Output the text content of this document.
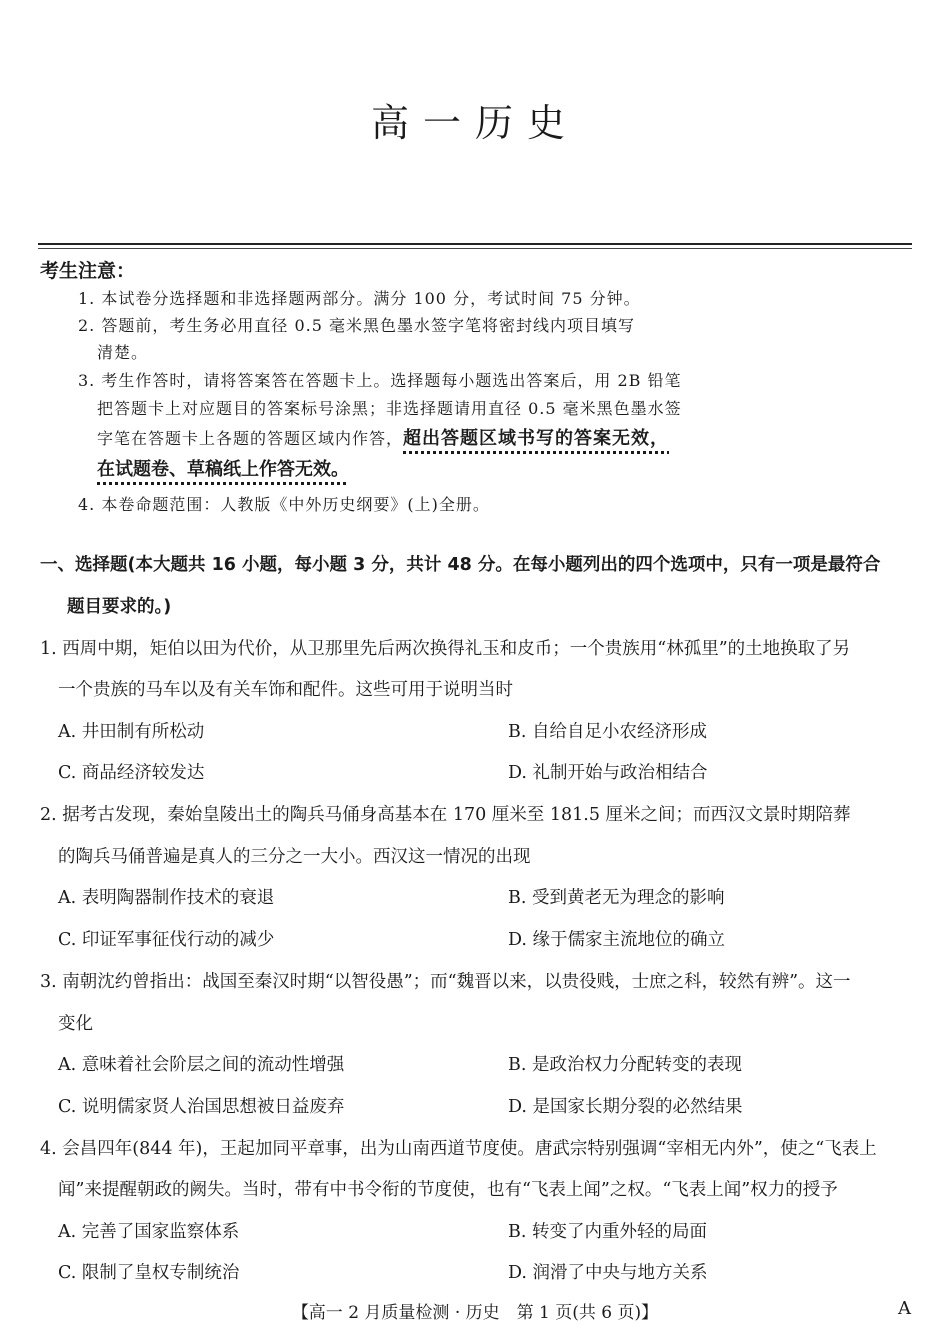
高一历史
考生注意：
1. 本试卷分选择题和非选择题两部分。满分 100 分，考试时间 75 分钟。
2. 答题前，考生务必用直径 0.5 毫米黑色墨水签字笔将密封线内项目填写
清楚。
3. 考生作答时，请将答案答在答题卡上。选择题每小题选出答案后，用 2B 铅笔
把答题卡上对应题目的答案标号涂黑；非选择题请用直径 0.5 毫米黑色墨水签
字笔在答题卡上各题的答题区域内作答，超出答题区域书写的答案无效，
在试题卷、草稿纸上作答无效。
4. 本卷命题范围：人教版《中外历史纲要》(上)全册。
一、选择题(本大题共 16 小题，每小题 3 分，共计 48 分。在每小题列出的四个选项中，只有一项是最符合
题目要求的。)
1. 西周中期，矩伯以田为代价，从卫那里先后两次换得礼玉和皮币；一个贵族用“林孤里”的土地换取了另
一个贵族的马车以及有关车饰和配件。这些可用于说明当时
A. 井田制有所松动	B. 自给自足小农经济形成
C. 商品经济较发达	D. 礼制开始与政治相结合
2. 据考古发现，秦始皇陵出土的陶兵马俑身高基本在 170 厘米至 181.5 厘米之间；而西汉文景时期陪葬
的陶兵马俑普遍是真人的三分之一大小。西汉这一情况的出现
A. 表明陶器制作技术的衰退	B. 受到黄老无为理念的影响
C. 印证军事征伐行动的减少	D. 缘于儒家主流地位的确立
3. 南朝沈约曾指出：战国至秦汉时期“以智役愚”；而“魏晋以来，以贵役贱，士庶之科，较然有辨”。这一
变化
A. 意味着社会阶层之间的流动性增强	B. 是政治权力分配转变的表现
C. 说明儒家贤人治国思想被日益废弃	D. 是国家长期分裂的必然结果
4. 会昌四年(844 年)，王起加同平章事，出为山南西道节度使。唐武宗特别强调“宰相无内外”，使之“飞表上
闻”来提醒朝政的阙失。当时，带有中书令衔的节度使，也有“飞表上闻”之权。“飞表上闻”权力的授予
A. 完善了国家监察体系	B. 转变了内重外轻的局面
C. 限制了皇权专制统治	D. 润滑了中央与地方关系
【高一 2 月质量检测 · 历史　第 1 页(共 6 页)】	A
